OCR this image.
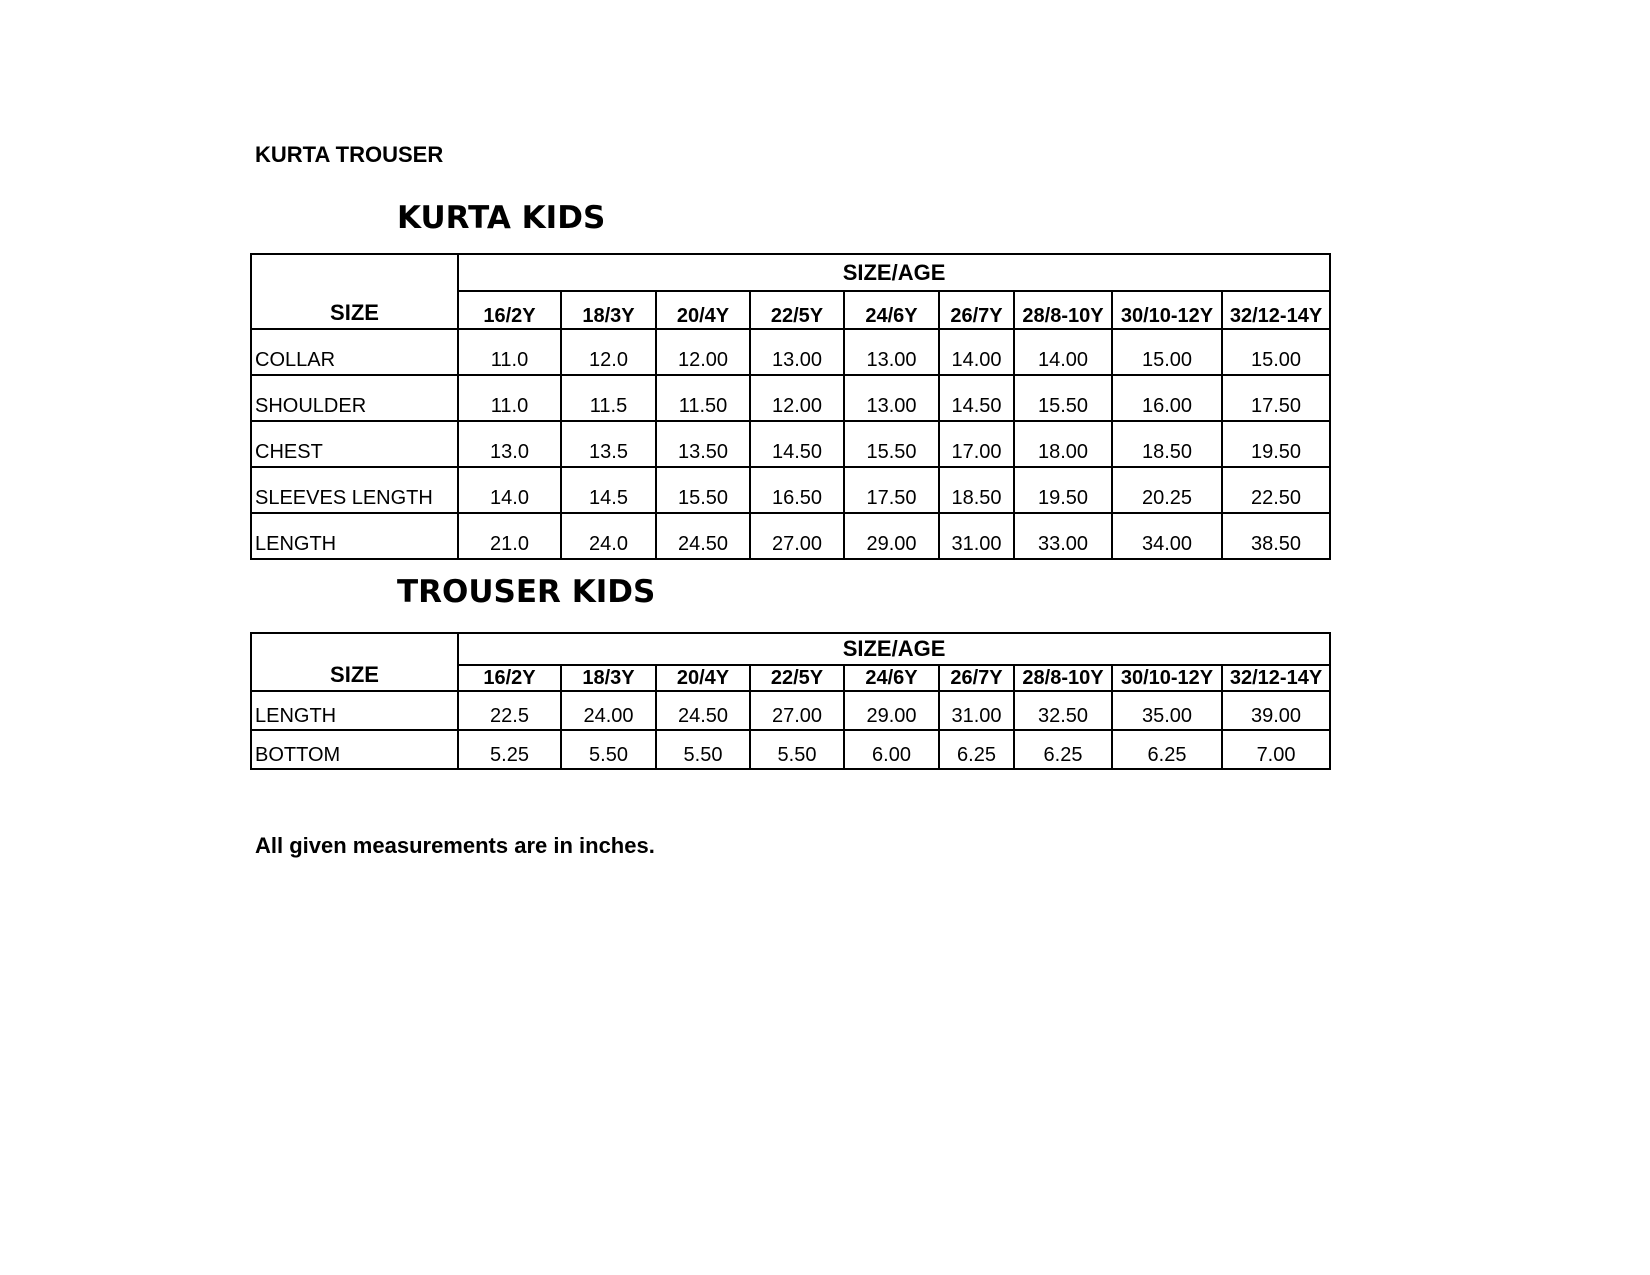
KURTA TROUSER
KURTA KIDS
SIZE	SIZE/AGE								
	16/2Y	18/3Y	20/4Y	22/5Y	24/6Y	26/7Y	28/8-10Y	30/10-12Y	32/12-14Y
COLLAR	11.0	12.0	12.00	13.00	13.00	14.00	14.00	15.00	15.00
SHOULDER	11.0	11.5	11.50	12.00	13.00	14.50	15.50	16.00	17.50
CHEST	13.0	13.5	13.50	14.50	15.50	17.00	18.00	18.50	19.50
SLEEVES LENGTH	14.0	14.5	15.50	16.50	17.50	18.50	19.50	20.25	22.50
LENGTH	21.0	24.0	24.50	27.00	29.00	31.00	33.00	34.00	38.50
TROUSER KIDS
SIZE	SIZE/AGE								
	16/2Y	18/3Y	20/4Y	22/5Y	24/6Y	26/7Y	28/8-10Y	30/10-12Y	32/12-14Y
LENGTH	22.5	24.00	24.50	27.00	29.00	31.00	32.50	35.00	39.00
BOTTOM	5.25	5.50	5.50	5.50	6.00	6.25	6.25	6.25	7.00

All given measurements are in inches.
